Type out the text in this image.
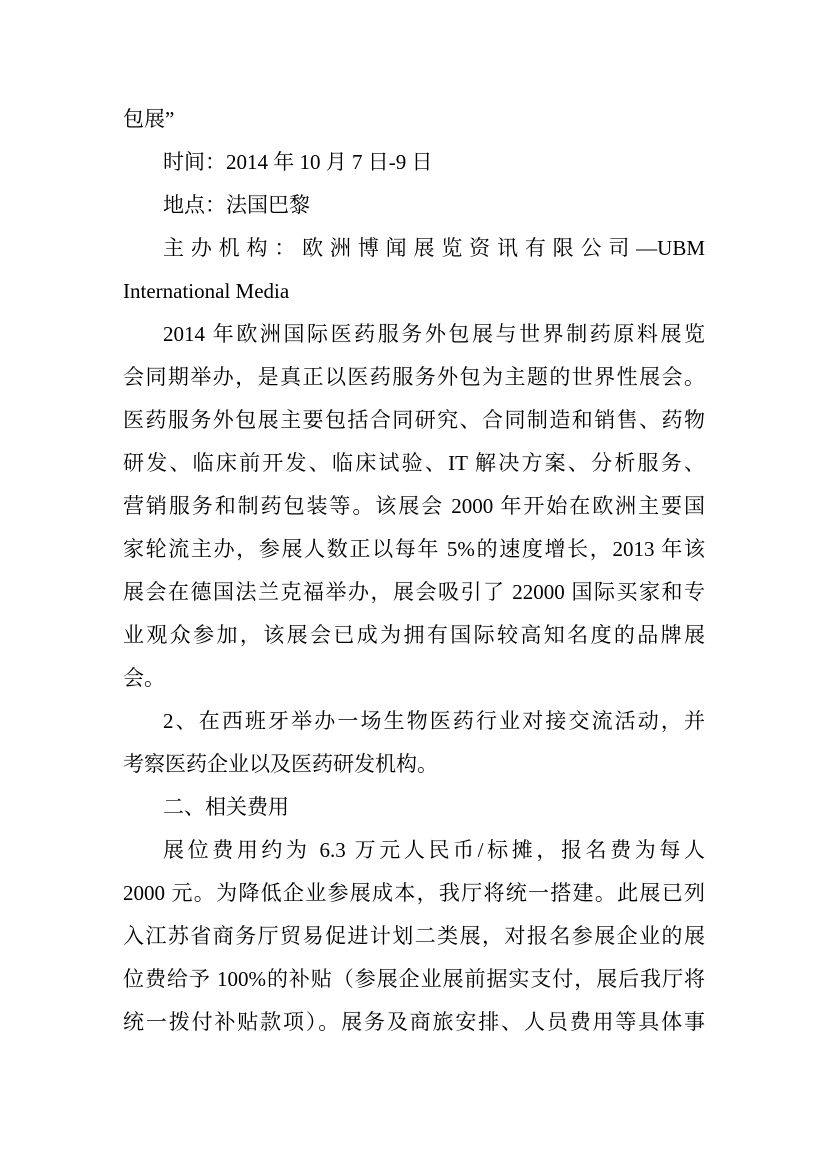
包展”
时间：2014 年 10 月 7 日-9 日
地点：法国巴黎
主办机构：欧洲博闻展览资讯有限公司—UBM
International Media
2014 年欧洲国际医药服务外包展与世界制药原料展览
会同期举办，是真正以医药服务外包为主题的世界性展会。
医药服务外包展主要包括合同研究、合同制造和销售、药物
研发、临床前开发、临床试验、IT 解决方案、分析服务、
营销服务和制药包装等。该展会 2000 年开始在欧洲主要国
家轮流主办，参展人数正以每年 5%的速度增长，2013 年该
展会在德国法兰克福举办，展会吸引了 22000 国际买家和专
业观众参加，该展会已成为拥有国际较高知名度的品牌展
会。
2、在西班牙举办一场生物医药行业对接交流活动，并
考察医药企业以及医药研发机构。
二、相关费用
展位费用约为 6.3 万元人民币/标摊，报名费为每人
2000 元。为降低企业参展成本，我厅将统一搭建。此展已列
入江苏省商务厅贸易促进计划二类展，对报名参展企业的展
位费给予 100%的补贴（参展企业展前据实支付，展后我厅将
统一拨付补贴款项）。展务及商旅安排、人员费用等具体事
